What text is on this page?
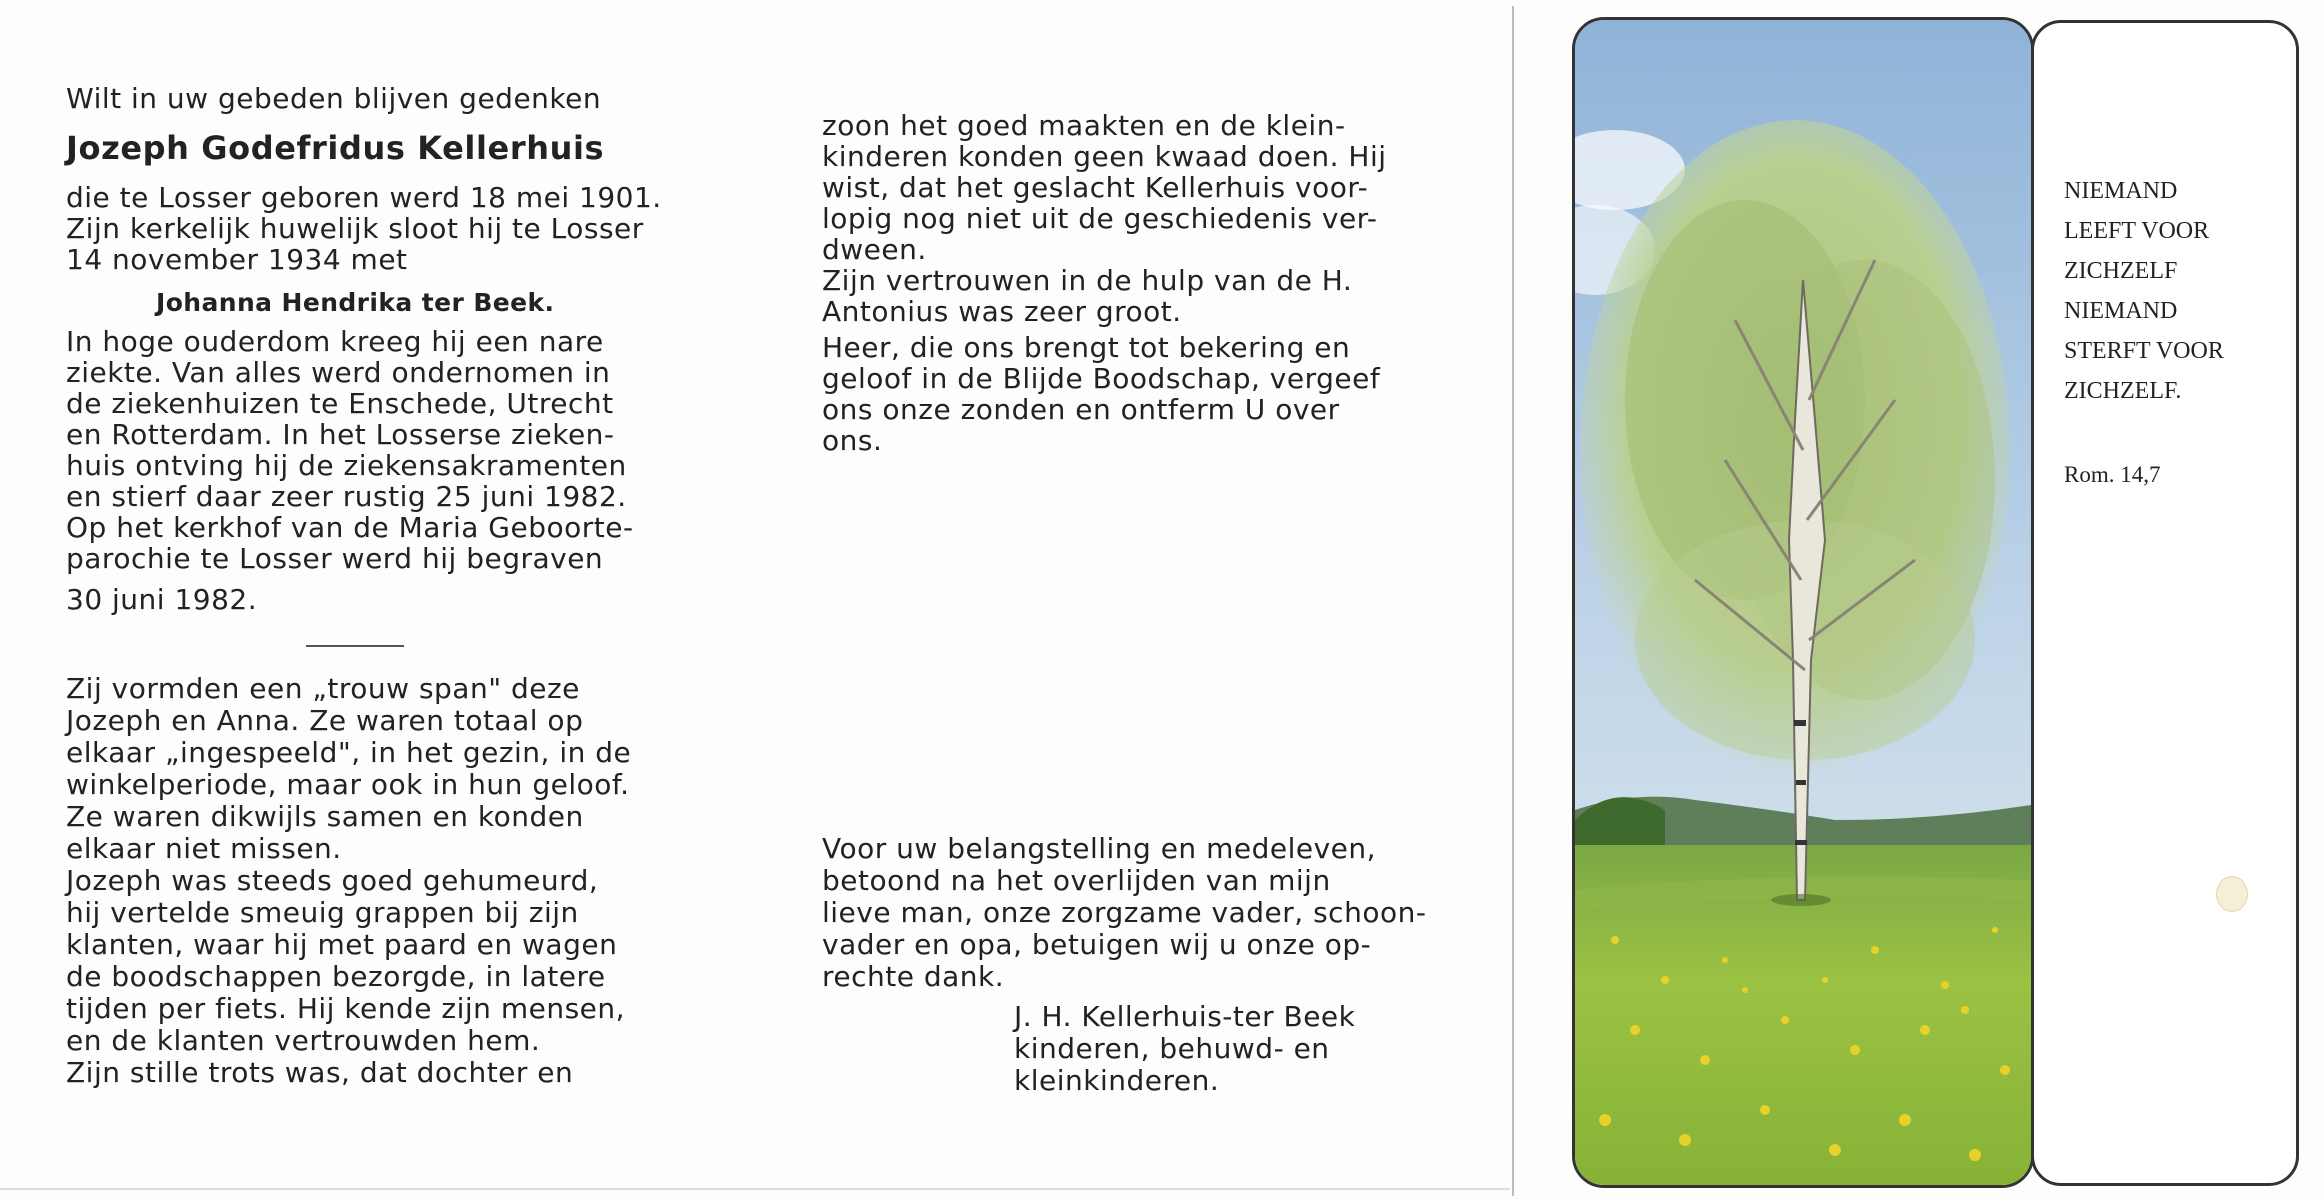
Wilt in uw gebeden blijven gedenken
Jozeph Godefridus Kellerhuis
die te Losser geboren werd 18 mei 1901.
Zijn kerkelijk huwelijk sloot hij te Losser
14 november 1934 met
Johanna Hendrika ter Beek.
In hoge ouderdom kreeg hij een nare
ziekte. Van alles werd ondernomen in
de ziekenhuizen te Enschede, Utrecht
en Rotterdam. In het Losserse zieken-
huis ontving hij de ziekensakramenten
en stierf daar zeer rustig 25 juni 1982.
Op het kerkhof van de Maria Geboorte-
parochie te Losser werd hij begraven
30 juni 1982.
Zij vormden een „trouw span" deze
Jozeph en Anna. Ze waren totaal op
elkaar „ingespeeld", in het gezin, in de
winkelperiode, maar ook in hun geloof.
Ze waren dikwijls samen en konden
elkaar niet missen.
Jozeph was steeds goed gehumeurd,
hij vertelde smeuig grappen bij zijn
klanten, waar hij met paard en wagen
de boodschappen bezorgde, in latere
tijden per fiets. Hij kende zijn mensen,
en de klanten vertrouwden hem.
Zijn stille trots was, dat dochter en
zoon het goed maakten en de klein-
kinderen konden geen kwaad doen. Hij
wist, dat het geslacht Kellerhuis voor-
lopig nog niet uit de geschiedenis ver-
dween.
Zijn vertrouwen in de hulp van de H.
Antonius was zeer groot.
Heer, die ons brengt tot bekering en
geloof in de Blijde Boodschap, vergeef
ons onze zonden en ontferm U over
ons.
Voor uw belangstelling en medeleven,
betoond na het overlijden van mijn
lieve man, onze zorgzame vader, schoon-
vader en opa, betuigen wij u onze op-
rechte dank.
J. H. Kellerhuis-ter Beek
kinderen, behuwd- en
kleinkinderen.
NIEMAND
LEEFT VOOR
ZICHZELF
NIEMAND
STERFT VOOR
ZICHZELF.
Rom. 14,7
